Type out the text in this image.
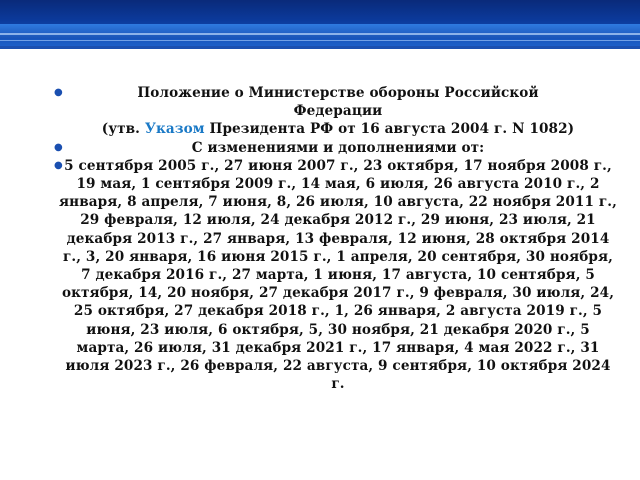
●	Положение о Министерстве обороны Российской

Федерации

(утв. Указом Президента РФ от 16 августа 2004 г. N 1082)

●	С изменениями и дополнениями от:

● 5 сентября 2005 г., 27 июня 2007 г., 23 октября, 17 ноября 2008 г., 19 мая, 1 сентября 2009 г., 14 мая, 6 июля, 26 августа 2010 г., 2 января, 8 апреля, 7 июня, 8, 26 июля, 10 августа, 22 ноября 2011 г., 29 февраля, 12 июля, 24 декабря 2012 г., 29 июня, 23 июля, 21 декабря 2013 г., 27 января, 13 февраля, 12 июня, 28 октября 2014 г., 3, 20 января, 16 июня 2015 г., 1 апреля, 20 сентября, 30 ноября, 7 декабря 2016 г., 27 марта, 1 июня, 17 августа, 10 сентября, 5 октября, 14, 20 ноября, 27 декабря 2017 г., 9 февраля, 30 июля, 24, 25 октября, 27 декабря 2018 г., 1, 26 января, 2 августа 2019 г., 5 июня, 23 июля, 6 октября, 5, 30 ноября, 21 декабря 2020 г., 5 марта, 26 июля, 31 декабря 2021 г., 17 января, 4 мая 2022 г., 31 июля 2023 г., 26 февраля, 22 августа, 9 сентября, 10 октября 2024 г.
